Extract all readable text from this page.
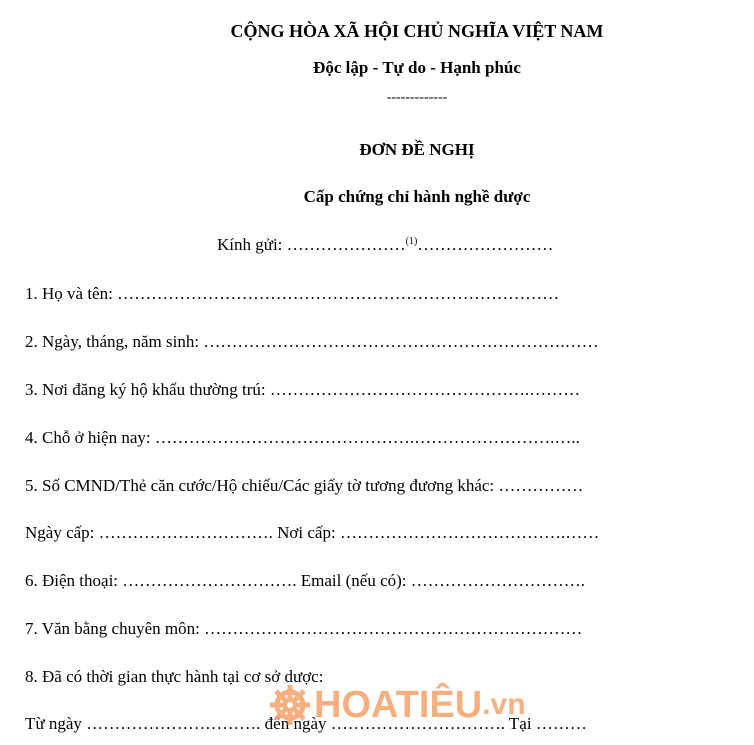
CỘNG HÒA XÃ HỘI CHỦ NGHĨA VIỆT NAM
Độc lập - Tự do - Hạnh phúc
-------------
ĐƠN ĐỀ NGHỊ
Cấp chứng chỉ hành nghề dược
Kính gửi: …………………$^{(1)}$……………………
1. Họ và tên: ……………………………………………………………………
2. Ngày, tháng, năm sinh: ……………………………………………………….……
3. Nơi đăng ký hộ khẩu thường trú: ……………………………………….………
4. Chỗ ở hiện nay: ……………………………………….…………………….…..
5. Số CMND/Thẻ căn cước/Hộ chiếu/Các giấy tờ tương đương khác: ……………
Ngày cấp: …………………………. Nơi cấp: ………………………………….……
6. Điện thoại: …………………………. Email (nếu có): ………………………….
7. Văn bằng chuyên môn: ……………………………………………….…………
8. Đã có thời gian thực hành tại cơ sở dược:
Từ ngày …………………………. đến ngày …………………………. Tại ………
HOATIÊU .vn
